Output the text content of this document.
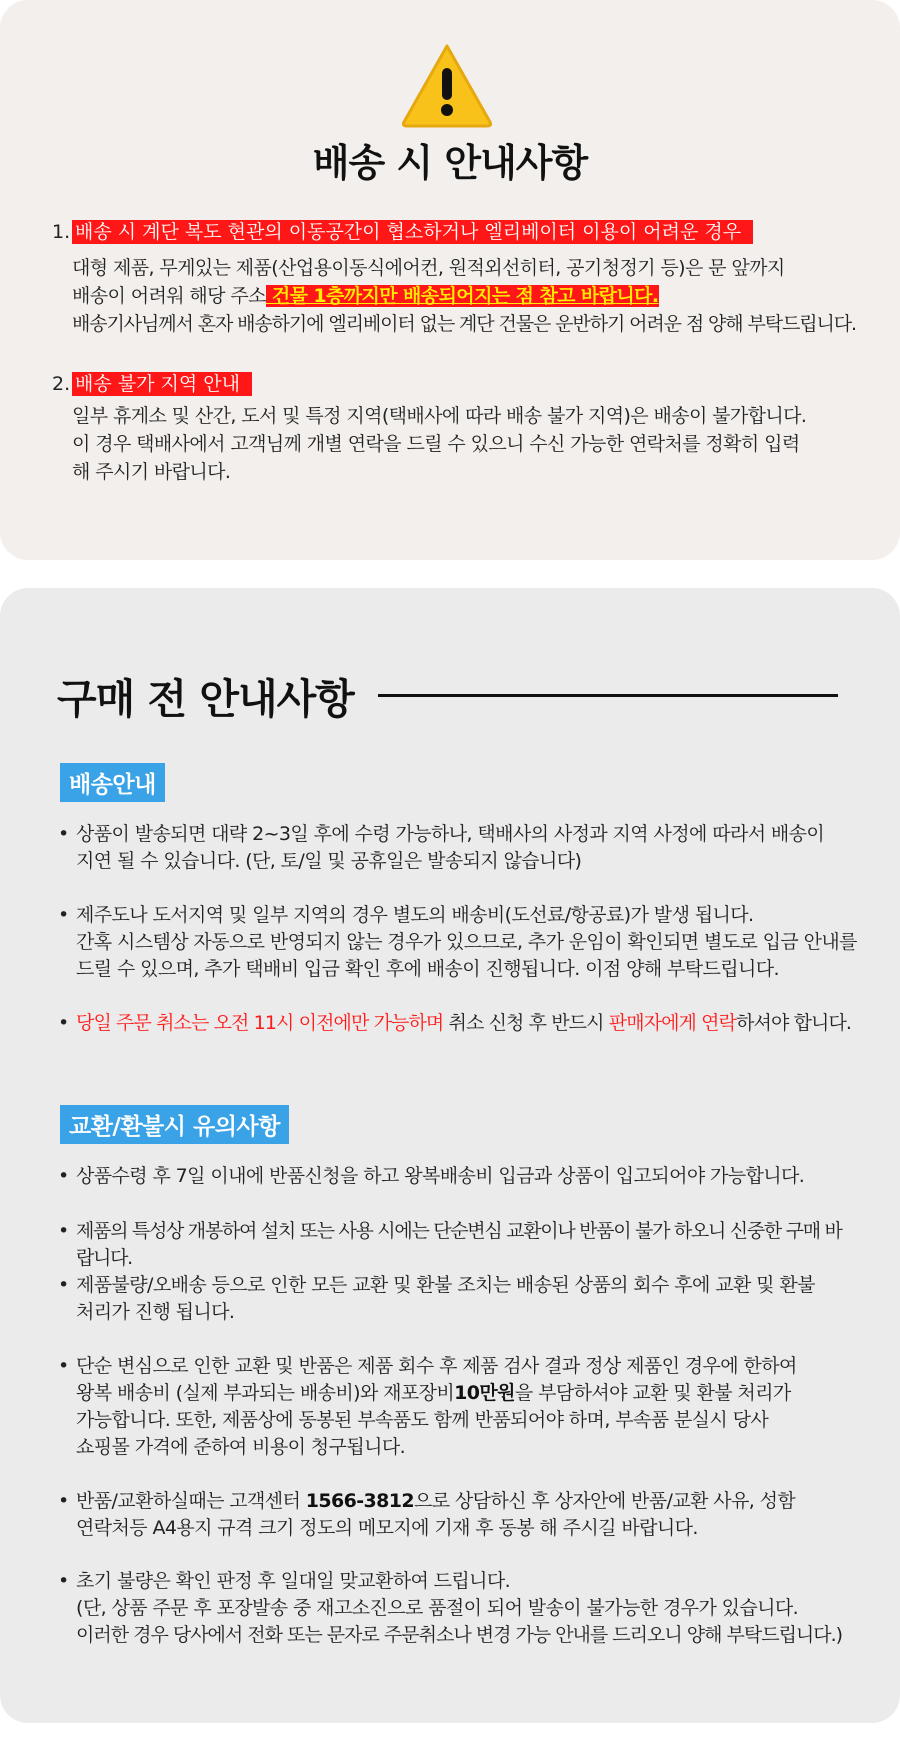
배송 시 안내사항
1. 배송 시 계단 복도 현관의 이동공간이 협소하거나 엘리베이터 이용이 어려운 경우
대형 제품, 무게있는 제품(산업용이동식에어컨, 원적외선히터, 공기청정기 등)은 문 앞까지
배송이 어려워 해당 주소 건물 1층까지만 배송되어지는 점 참고 바랍니다.
배송기사님께서 혼자 배송하기에 엘리베이터 없는 계단 건물은 운반하기 어려운 점 양해 부탁드립니다.
2. 배송 불가 지역 안내
일부 휴게소 및 산간, 도서 및 특정 지역(택배사에 따라 배송 불가 지역)은 배송이 불가합니다.
이 경우 택배사에서 고객님께 개별 연락을 드릴 수 있으니 수신 가능한 연락처를 정확히 입력
해 주시기 바랍니다.
구매 전 안내사항
배송안내
• 상품이 발송되면 대략 2~3일 후에 수령 가능하나, 택배사의 사정과 지역 사정에 따라서 배송이
지연 될 수 있습니다. (단, 토/일 및 공휴일은 발송되지 않습니다)
• 제주도나 도서지역 및 일부 지역의 경우 별도의 배송비(도선료/항공료)가 발생 됩니다.
간혹 시스템상 자동으로 반영되지 않는 경우가 있으므로, 추가 운임이 확인되면 별도로 입금 안내를
드릴 수 있으며, 추가 택배비 입금 확인 후에 배송이 진행됩니다. 이점 양해 부탁드립니다.
• 당일 주문 취소는 오전 11시 이전에만 가능하며 취소 신청 후 반드시 판매자에게 연락하셔야 합니다.
교환/환불시 유의사항
• 상품수령 후 7일 이내에 반품신청을 하고 왕복배송비 입금과 상품이 입고되어야 가능합니다.
• 제품의 특성상 개봉하여 설치 또는 사용 시에는 단순변심 교환이나 반품이 불가 하오니 신중한 구매 바랍니다.
• 제품불량/오배송 등으로 인한 모든 교환 및 환불 조치는 배송된 상품의 회수 후에 교환 및 환불
처리가 진행 됩니다.
• 단순 변심으로 인한 교환 및 반품은 제품 회수 후 제품 검사 결과 정상 제품인 경우에 한하여
왕복 배송비 (실제 부과되는 배송비)와 재포장비10만원을 부담하셔야 교환 및 환불 처리가
가능합니다. 또한, 제품상에 동봉된 부속품도 함께 반품되어야 하며, 부속품 분실시 당사
쇼핑몰 가격에 준하여 비용이 청구됩니다.
• 반품/교환하실때는 고객센터 1566-3812으로 상담하신 후 상자안에 반품/교환 사유, 성함
연락처등 A4용지 규격 크기 정도의 메모지에 기재 후 동봉 해 주시길 바랍니다.
• 초기 불량은 확인 판정 후 일대일 맞교환하여 드립니다.
(단, 상품 주문 후 포장발송 중 재고소진으로 품절이 되어 발송이 불가능한 경우가 있습니다.
이러한 경우 당사에서 전화 또는 문자로 주문취소나 변경 가능 안내를 드리오니 양해 부탁드립니다.)
